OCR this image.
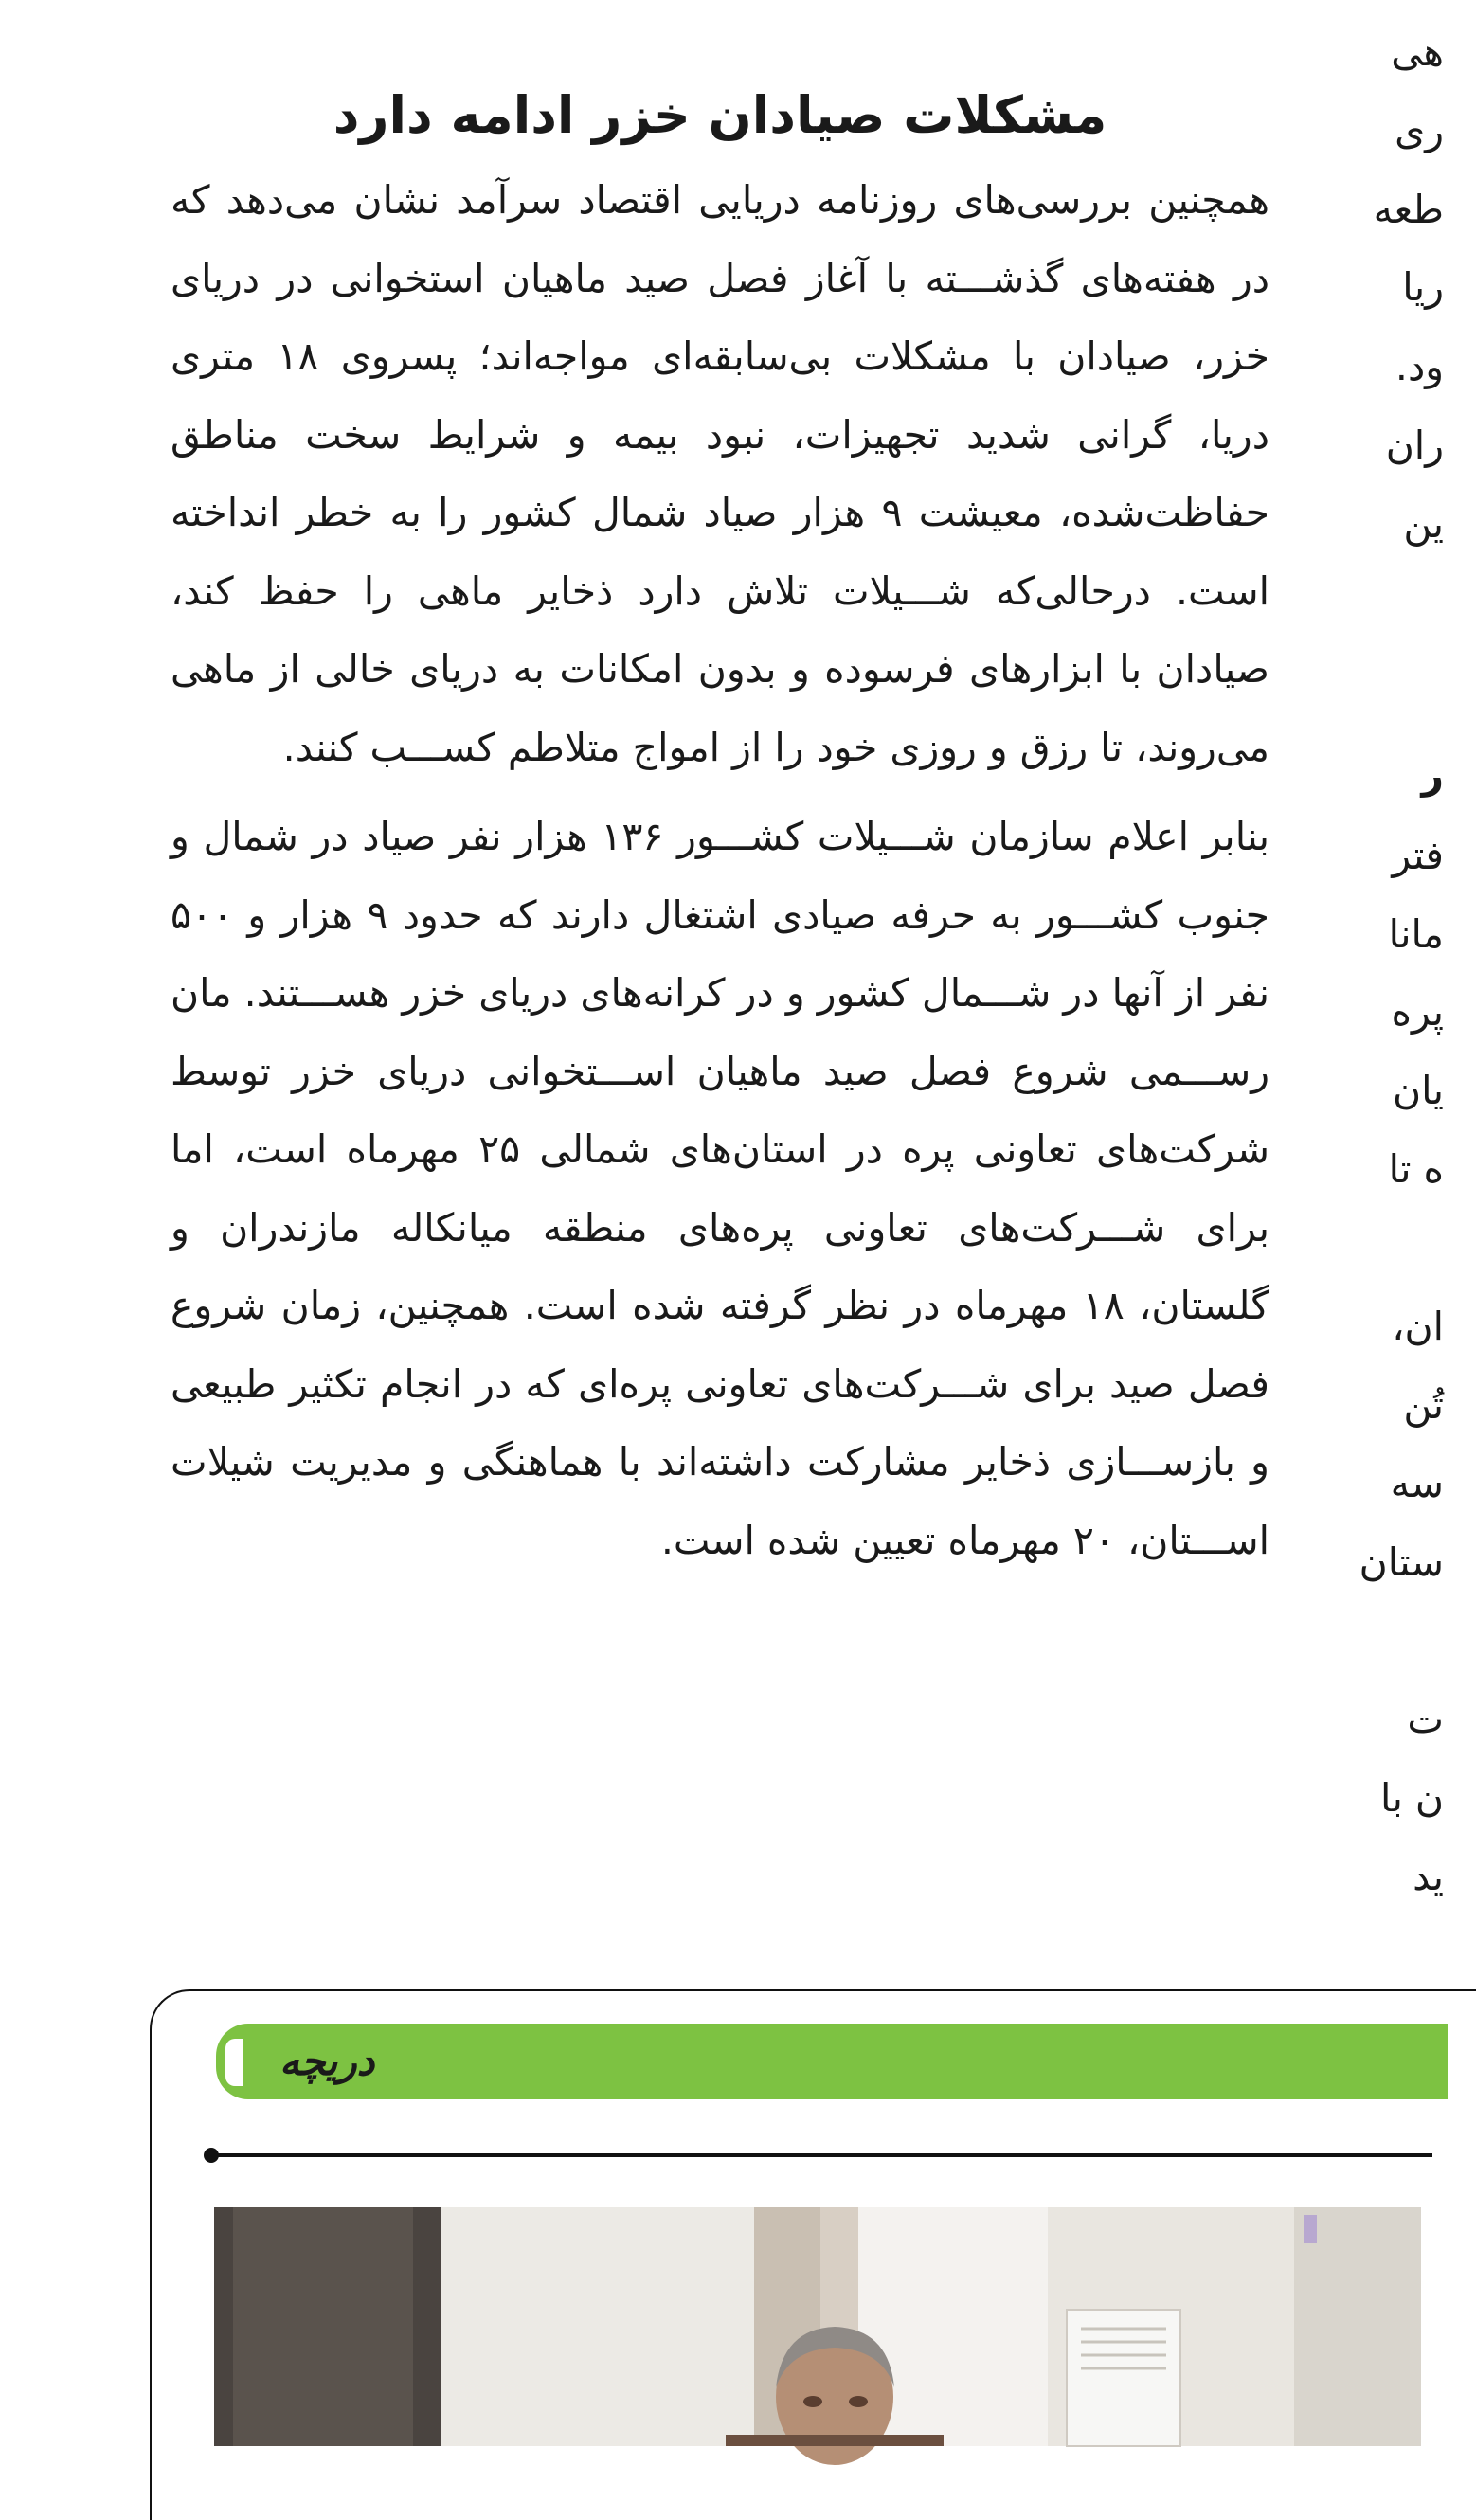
مشکلات صیادان خزر ادامه دارد

همچنین بررسی‌های روزنامه دریایی اقتصاد سرآمد نشان می‌دهد که در هفته‌های گذشـــته با آغاز فصل صید ماهیان استخوانی در دریای خزر، صیادان با مشکلات بی‌سابقه‌ای مواجه‌اند؛ پسروی ۱۸ متری دریا، گرانی شدید تجهیزات، نبود بیمه و شرایط سخت مناطق حفاظت‌شده، معیشت ۹ هزار صیاد شمال کشور را به خطر انداخته است. درحالی‌که شـــیلات تلاش دارد ذخایر ماهی را حفظ کند، صیادان با ابزارهای فرسوده و بدون امکانات به دریای خالی از ماهی می‌روند، تا رزق و روزی خود را از امواج متلاطم کســـب کنند.

بنابر اعلام سازمان شـــیلات کشـــور ۱۳۶ هزار نفر صیاد در شمال و جنوب کشـــور به حرفه صیادی اشتغال دارند که حدود ۹ هزار و ۵۰۰ نفر از آنها در شـــمال کشور و در کرانه‌های دریای خزر هســـتند. مان رســـمی شروع فصل صید ماهیان اســـتخوانی دریای خزر توسط شرکت‌های تعاونی پره در استان‌های شمالی ۲۵ مهرماه است، اما برای شـــرکت‌های تعاونی پره‌های منطقه میانکاله مازندران و گلستان، ۱۸ مهرماه در نظر گرفته شده است. همچنین، زمان شروع فصل صید برای شـــرکت‌های تعاونی پره‌ای که در انجام تکثیر طبیعی و بازســـازی ذخایر مشارکت داشته‌اند با هماهنگی و مدیریت شیلات اســـتان، ۲۰ مهرماه تعیین شده است.

هی
ری
طعه
ریا
ود.
ران
ین
ر
فتر
مانا
پره
یان
ه تا
ان،
تُن
سه
ستان
ت
ن با
ید
دریچه
